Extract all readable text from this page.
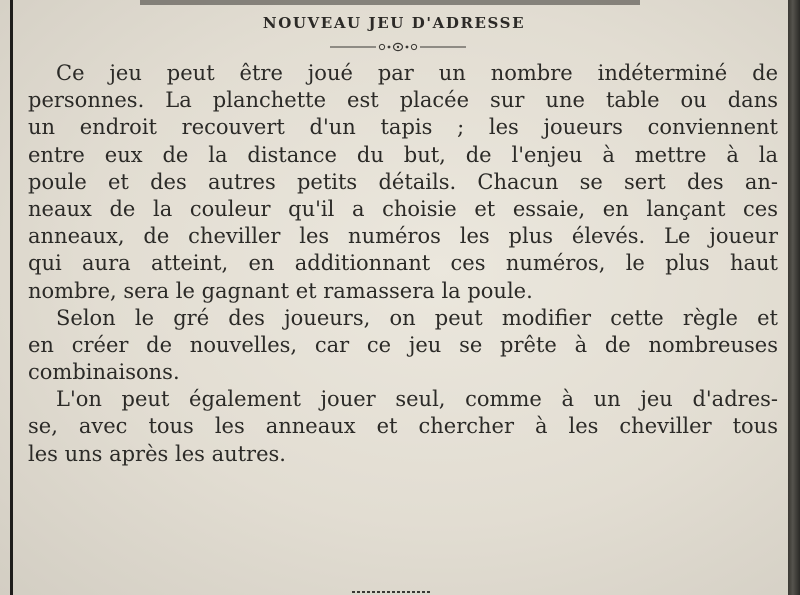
NOUVEAU JEU D'ADRESSE
Ce jeu peut être joué par un nombre indéterminé de
personnes. La planchette est placée sur une table ou dans
un endroit recouvert d'un tapis ; les joueurs conviennent
entre eux de la distance du but, de l'enjeu à mettre à la
poule et des autres petits détails. Chacun se sert des an-
neaux de la couleur qu'il a choisie et essaie, en lançant ces
anneaux, de cheviller les numéros les plus élevés. Le joueur
qui aura atteint, en additionnant ces numéros, le plus haut
nombre, sera le gagnant et ramassera la poule.
Selon le gré des joueurs, on peut modifier cette règle et
en créer de nouvelles, car ce jeu se prête à de nombreuses
combinaisons.
L'on peut également jouer seul, comme à un jeu d'adres-
se, avec tous les anneaux et chercher à les cheviller tous
les uns après les autres.
